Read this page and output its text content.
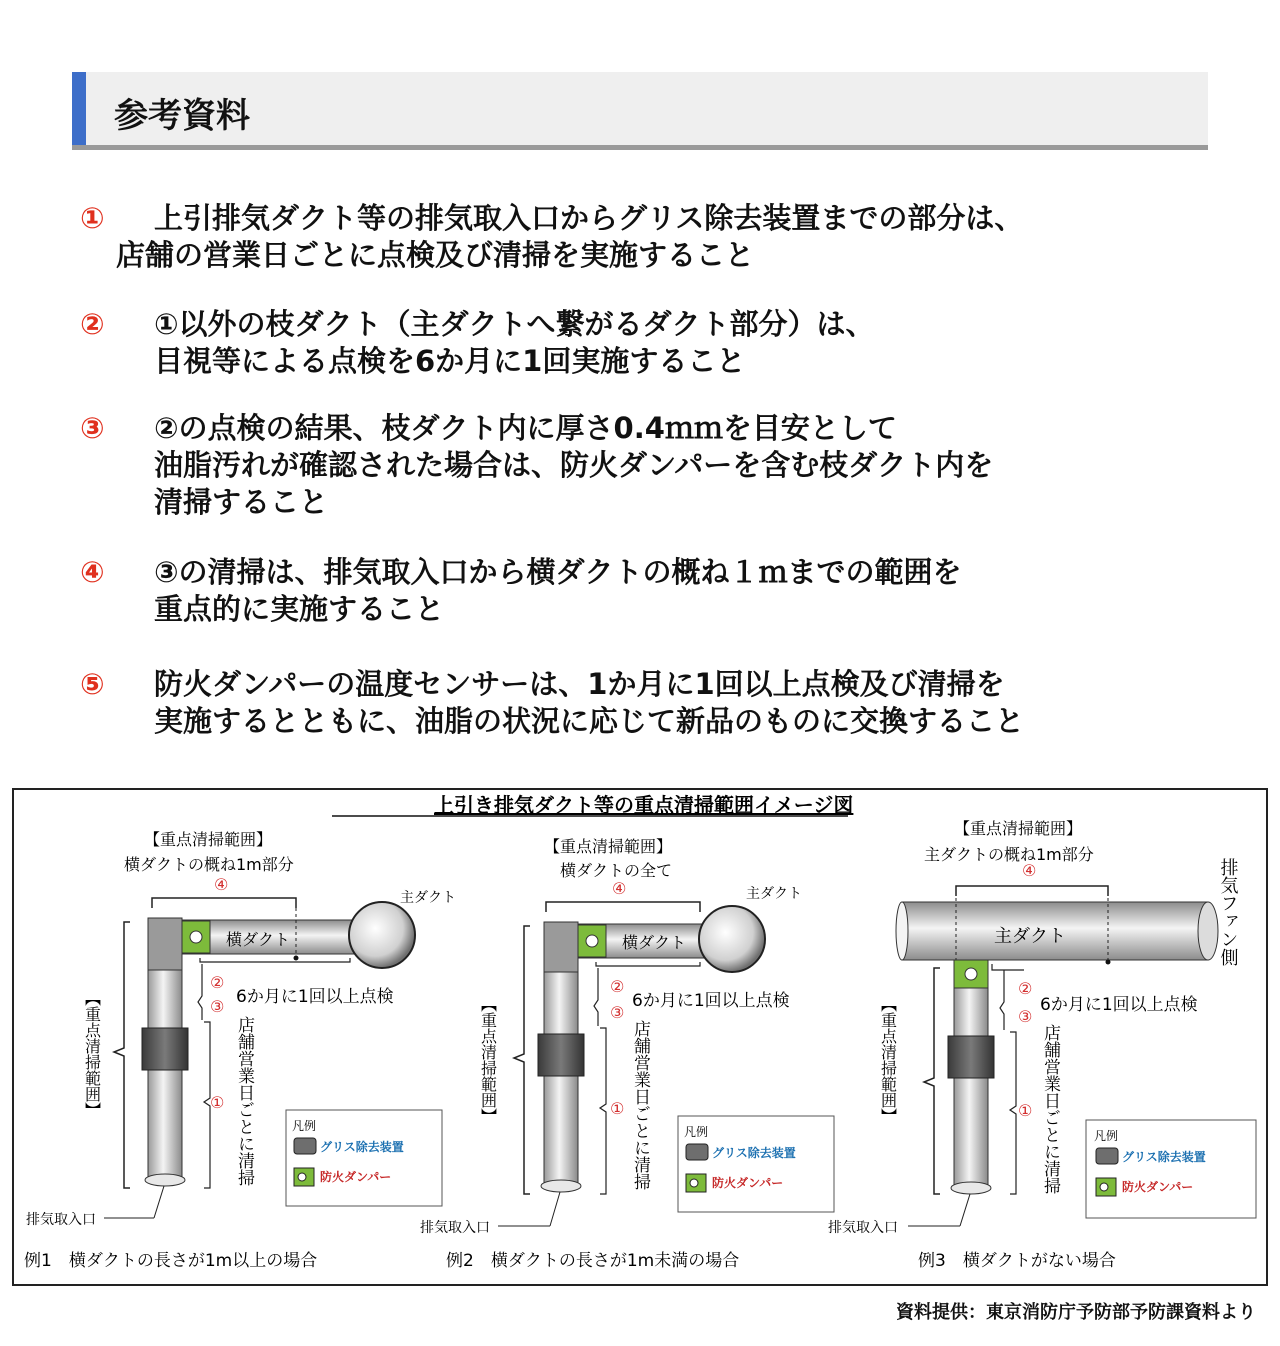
参考資料
① 上引排気ダクト等の排気取入口からグリス除去装置までの部分は、
店舗の営業日ごとに点検及び清掃を実施すること
② ①以外の枝ダクト（主ダクトへ繋がるダクト部分）は、
目視等による点検を6か月に1回実施すること
③ ②の点検の結果、枝ダクト内に厚さ0.4ｍｍを目安として
油脂汚れが確認された場合は、防火ダンパーを含む枝ダクト内を
清掃すること
④ ③の清掃は、排気取入口から横ダクトの概ね１ｍまでの範囲を
重点的に実施すること
⑤ 防火ダンパーの温度センサーは、1か月に1回以上点検及び清掃を
実施するとともに、油脂の状況に応じて新品のものに交換すること
上引き排気ダクト等の重点清掃範囲イメージ図
【重点清掃範囲】
横ダクトの概ね1m部分
④
横ダクト
主ダクト
②
③ 6か月に1回以上点検
① 店舗営業日ごとに清掃
【重点清掃範囲】
排気取入口
凡例
グリス除去装置
防火ダンパー
例1　横ダクトの長さが1m以上の場合
【重点清掃範囲】
横ダクトの全て
④
横ダクト
主ダクト
②
③
6か月に1回以上点検
① 店舗営業日ごとに清掃
【重点清掃範囲】
排気取入口
凡例
グリス除去装置
防火ダンパー
例2　横ダクトの長さが1m未満の場合
【重点清掃範囲】
主ダクトの概ね1m部分
④
主ダクト	排気ファン側
②
③
6か月に1回以上点検
① 店舗営業日ごとに清掃
【重点清掃範囲】
排気取入口
凡例
グリス除去装置
防火ダンパー
例3　横ダクトがない場合
資料提供：東京消防庁予防部予防課資料より
